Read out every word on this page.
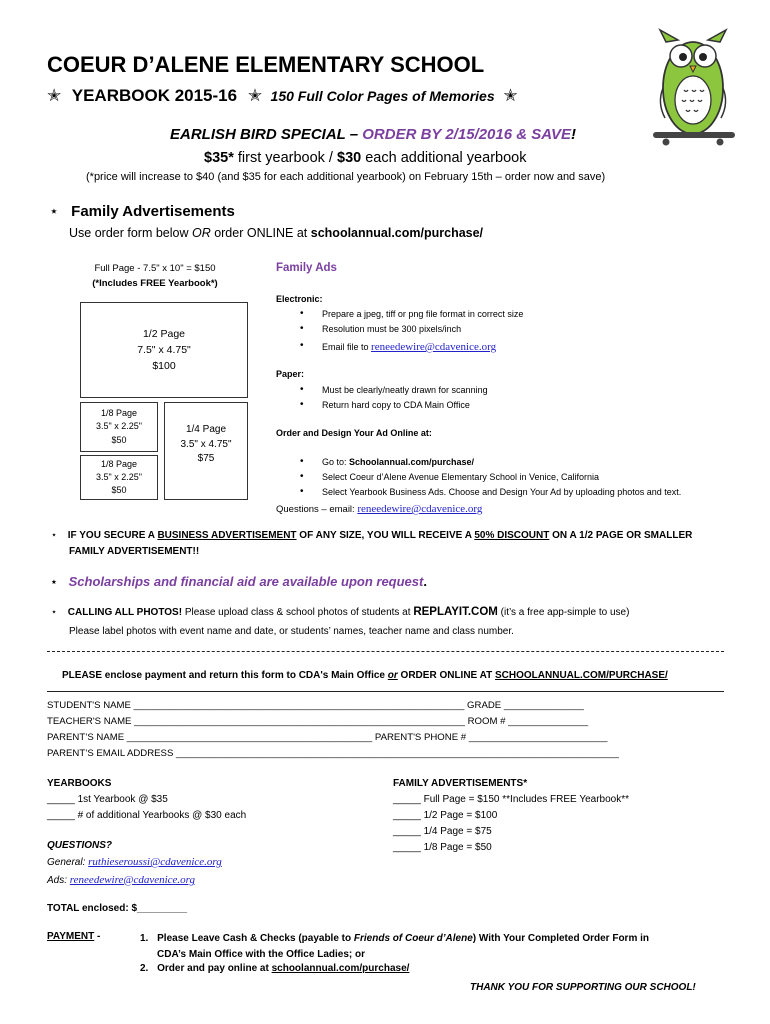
COEUR D’ALENE ELEMENTARY SCHOOL
✭ YEARBOOK 2015-16 ✭ 150 Full Color Pages of Memories ✭
EARLISH BIRD SPECIAL – ORDER BY 2/15/2016 & SAVE!
$35* first yearbook / $30 each additional yearbook
(*price will increase to $40 (and $35 for each additional yearbook) on February 15th – order now and save)
⋆ Family Advertisements
Use order form below OR order ONLINE at schoolannual.com/purchase/
Full Page - 7.5" x 10" = $150
(*Includes FREE Yearbook*)
1/2 Page
7.5" x 4.75"
$100
1/8 Page
3.5" x 2.25"
$50
1/8 Page
3.5" x 2.25"
$50
1/4 Page
3.5" x 4.75"
$75
Family Ads
Electronic:
• Prepare a jpeg, tiff or png file format in correct size
• Resolution must be 300 pixels/inch
• Email file to reneedewire@cdavenice.org
Paper:
• Must be clearly/neatly drawn for scanning
• Return hard copy to CDA Main Office
Order and Design Your Ad Online at:
• Go to: Schoolannual.com/purchase/
• Select Coeur d’Alene Avenue Elementary School in Venice, California
• Select Yearbook Business Ads. Choose and Design Your Ad by uploading photos and text.
Questions – email: reneedewire@cdavenice.org
⋆ IF YOU SECURE A BUSINESS ADVERTISEMENT OF ANY SIZE, YOU WILL RECEIVE A 50% DISCOUNT ON A 1/2 PAGE OR SMALLER
FAMILY ADVERTISEMENT!!
⋆ Scholarships and financial aid are available upon request.
⋆ CALLING ALL PHOTOS! Please upload class & school photos of students at REPLAYIT.COM (it’s a free app-simple to use)
Please label photos with event name and date, or students’ names, teacher name and class number.
PLEASE enclose payment and return this form to CDA's Main Office or ORDER ONLINE AT SCHOOLANNUAL.COM/PURCHASE/
STUDENT'S NAME ______________________________________________________________ GRADE _______________
TEACHER'S NAME ______________________________________________________________ ROOM # _______________
PARENT’S NAME ______________________________________________ PARENT'S PHONE # __________________________
PARENT’S EMAIL ADDRESS ___________________________________________________________________________________
YEARBOOKS
_____ 1st Yearbook @ $35
_____ # of additional Yearbooks @ $30 each
FAMILY ADVERTISEMENTS*
_____ Full Page = $150 **Includes FREE Yearbook**
_____ 1/2 Page = $100
_____ 1/4 Page = $75
_____ 1/8 Page = $50
QUESTIONS?
General: ruthieseroussi@cdavenice.org
Ads: reneedewire@cdavenice.org
TOTAL enclosed: $_________
PAYMENT -	1. Please Leave Cash & Checks (payable to Friends of Coeur d’Alene) With Your Completed Order Form in
CDA’s Main Office with the Office Ladies; or
2. Order and pay online at schoolannual.com/purchase/
THANK YOU FOR SUPPORTING OUR SCHOOL!
